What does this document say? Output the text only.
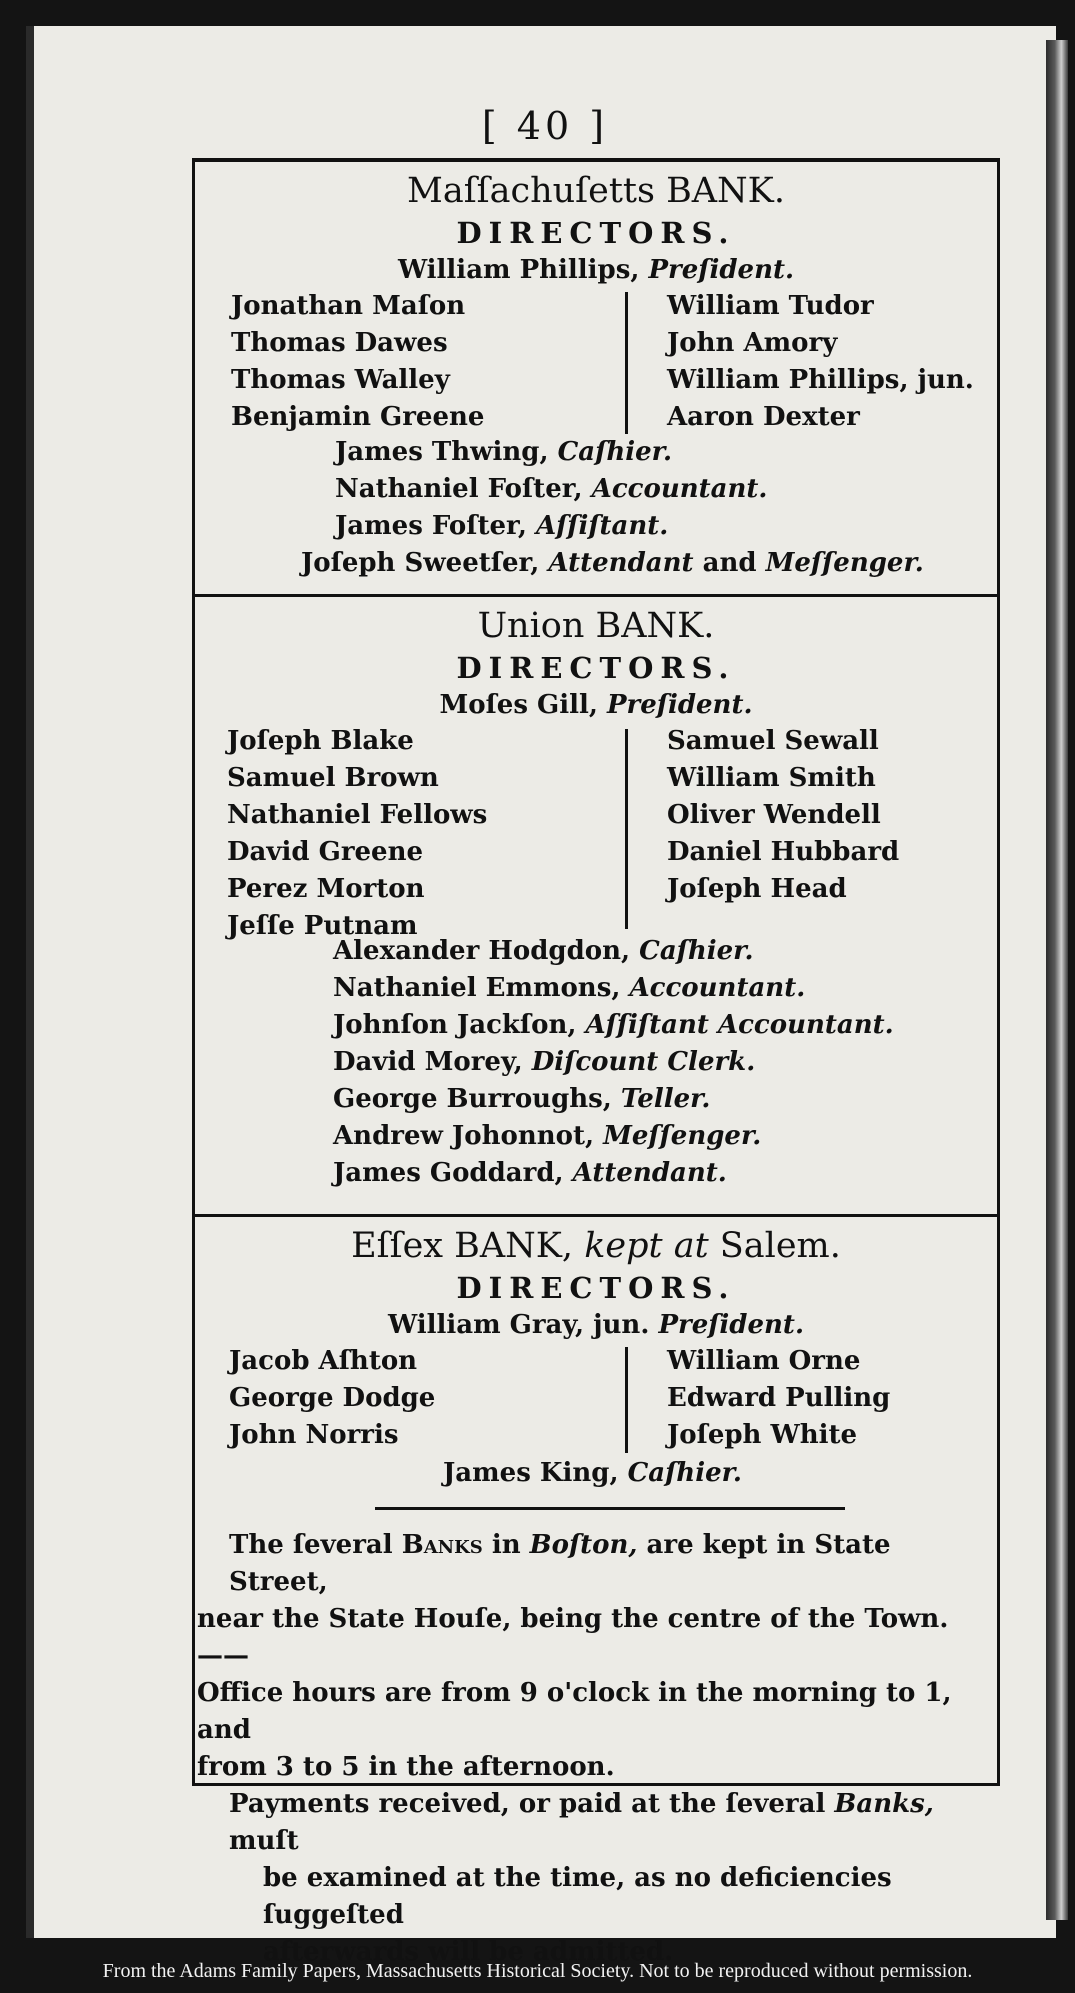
[ 40 ]
Maſſachuſetts BANK.
DIRECTORS.
William Phillips, Preſident.
Jonathan Maſon
Thomas Dawes
Thomas Walley
Benjamin Greene
William Tudor
John Amory
William Phillips, jun.
Aaron Dexter
James Thwing, Caſhier.
Nathaniel Foſter, Accountant.
James Foſter, Aſſiſtant.
Joſeph Sweetſer, Attendant and Meſſenger.
Union BANK.
DIRECTORS.
Moſes Gill, Preſident.
Joſeph Blake
Samuel Brown
Nathaniel Fellows
David Greene
Perez Morton
Jeſſe Putnam
Samuel Sewall
William Smith
Oliver Wendell
Daniel Hubbard
Joſeph Head
Alexander Hodgdon, Caſhier.
Nathaniel Emmons, Accountant.
Johnſon Jackſon, Aſſiſtant Accountant.
David Morey, Diſcount Clerk.
George Burroughs, Teller.
Andrew Johonnot, Meſſenger.
James Goddard, Attendant.
Eſſex BANK, kept at Salem.
DIRECTORS.
William Gray, jun. Preſident.
Jacob Aſhton
George Dodge
John Norris
William Orne
Edward Pulling
Joſeph White
James King, Caſhier.

The ſeveral Banks in Boſton, are kept in State Street,

near the State Houſe, being the centre of the Town.——

Office hours are from 9 o'clock in the morning to 1, and

from 3 to 5 in the afternoon.

Payments received, or paid at the ſeveral Banks, muſt

be examined at the time, as no deficiencies ſuggeſted

afterwards will be admitted.

From the Adams Family Papers, Massachusetts Historical Society. Not to be reproduced without permission.
